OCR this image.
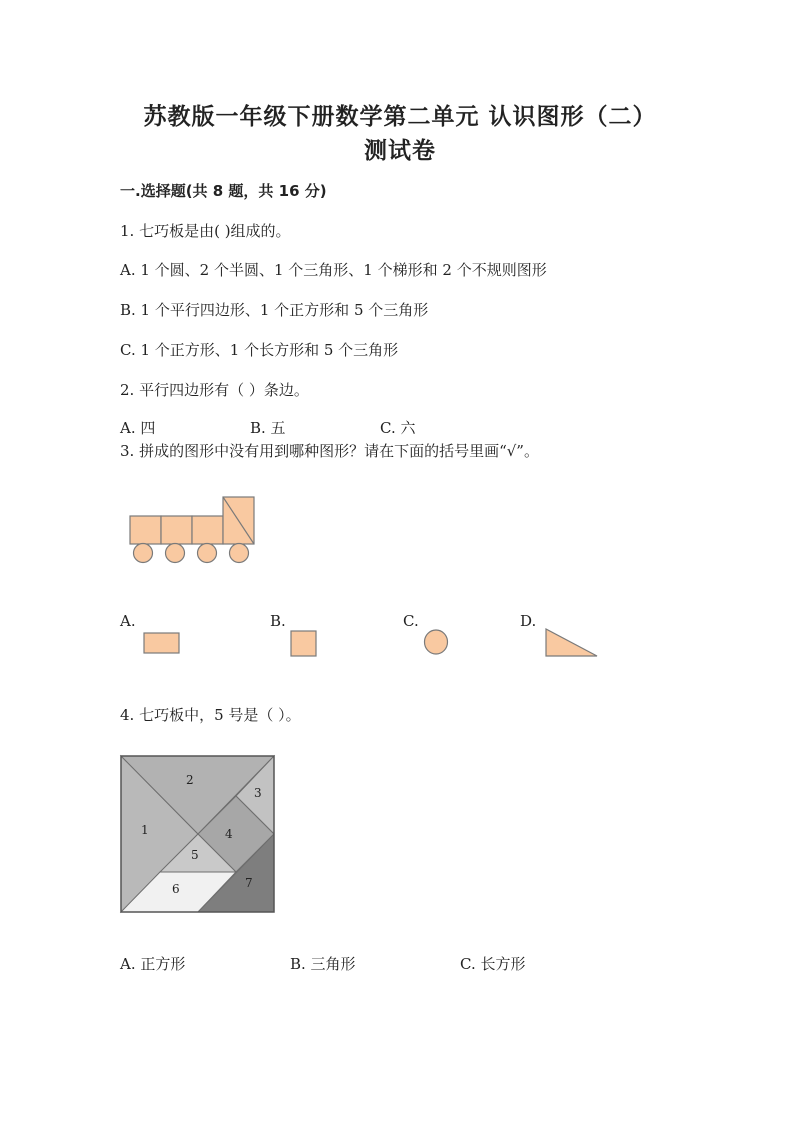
苏教版一年级下册数学第二单元 认识图形（二）
测试卷
一.选择题(共 8 题，共 16 分)
1. 七巧板是由( )组成的。
A. 1 个圆、2 个半圆、1 个三角形、1 个梯形和 2 个不规则图形
B. 1 个平行四边形、1 个正方形和 5 个三角形
C. 1 个正方形、1 个长方形和 5 个三角形
2. 平行四边形有（ ）条边。
A. 四	B. 五	C. 六
3. 拼成的图形中没有用到哪种图形？请在下面的括号里画“√”。
A.	B.	C.	D.
4. 七巧板中，5 号是（ ）。
1
2
3
4
5
6	7
A. 正方形	B. 三角形	C. 长方形
